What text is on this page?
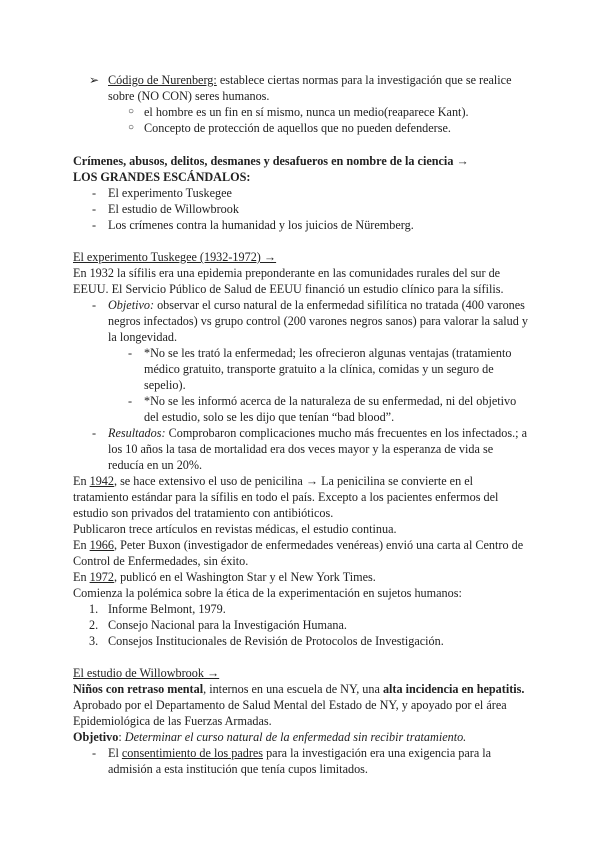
➢ Código de Nurenberg: establece ciertas normas para la investigación que se realice
sobre (NO CON) seres humanos.
○ el hombre es un fin en sí mismo, nunca un medio(reaparece Kant).
○ Concepto de protección de aquellos que no pueden defenderse.
Crímenes, abusos, delitos, desmanes y desafueros en nombre de la ciencia →
LOS GRANDES ESCÁNDALOS:
- El experimento Tuskegee
- El estudio de Willowbrook
- Los crímenes contra la humanidad y los juicios de Nüremberg.
El experimento Tuskegee (1932-1972) →
En 1932 la sífilis era una epidemia preponderante en las comunidades rurales del sur de
EEUU. El Servicio Público de Salud de EEUU financió un estudio clínico para la sífilis.
- Objetivo: observar el curso natural de la enfermedad sifilítica no tratada (400 varones
negros infectados) vs grupo control (200 varones negros sanos) para valorar la salud y
la longevidad.
- *No se les trató la enfermedad; les ofrecieron algunas ventajas (tratamiento
médico gratuito, transporte gratuito a la clínica, comidas y un seguro de
sepelio).
- *No se les informó acerca de la naturaleza de su enfermedad, ni del objetivo
del estudio, solo se les dijo que tenían “bad blood”.
- Resultados: Comprobaron complicaciones mucho más frecuentes en los infectados.; a
los 10 años la tasa de mortalidad era dos veces mayor y la esperanza de vida se
reducía en un 20%.
En 1942, se hace extensivo el uso de penicilina → La penicilina se convierte en el
tratamiento estándar para la sífilis en todo el país. Excepto a los pacientes enfermos del
estudio son privados del tratamiento con antibióticos.
Publicaron trece artículos en revistas médicas, el estudio continua.
En 1966, Peter Buxon (investigador de enfermedades venéreas) envió una carta al Centro de
Control de Enfermedades, sin éxito.
En 1972, publicó en el Washington Star y el New York Times.
Comienza la polémica sobre la ética de la experimentación en sujetos humanos:
1. Informe Belmont, 1979.
2. Consejo Nacional para la Investigación Humana.
3. Consejos Institucionales de Revisión de Protocolos de Investigación.
El estudio de Willowbrook →
Niños con retraso mental, internos en una escuela de NY, una alta incidencia en hepatitis.
Aprobado por el Departamento de Salud Mental del Estado de NY, y apoyado por el área
Epidemiológica de las Fuerzas Armadas.
Objetivo: Determinar el curso natural de la enfermedad sin recibir tratamiento.
- El consentimiento de los padres para la investigación era una exigencia para la
admisión a esta institución que tenía cupos limitados.
